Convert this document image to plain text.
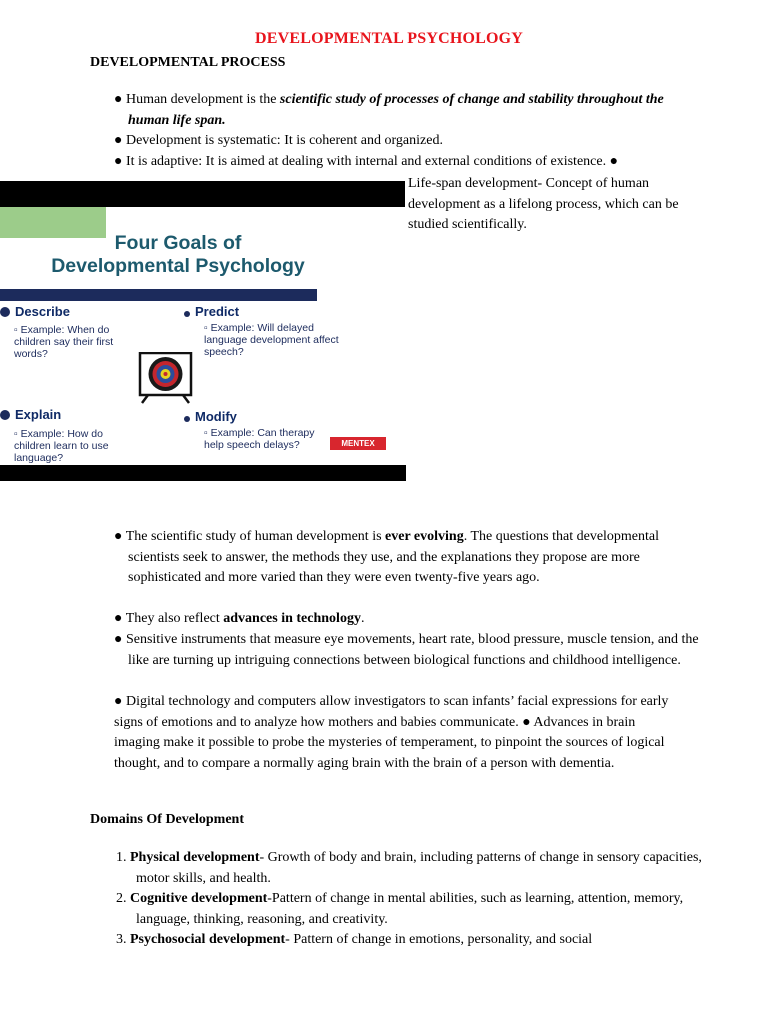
DEVELOPMENTAL PSYCHOLOGY
DEVELOPMENTAL PROCESS
● Human development is the scientific study of processes of change and stability throughout the human life span.
● Development is systematic: It is coherent and organized.
● It is adaptive: It is aimed at dealing with internal and external conditions of existence. ●
Four Goals of
Developmental Psychology
Describe
▫ Example: When do children say their first words?
Predict
▫ Example: Will delayed language development affect speech?
Explain
▫ Example: How do children learn to use language?
Modify
▫ Example: Can therapy help speech delays?	MENTEX
Life-span development- Concept of human development as a lifelong process, which can be studied scientifically.
● The scientific study of human development is ever evolving. The questions that developmental scientists seek to answer, the methods they use, and the explanations they propose are more sophisticated and more varied than they were even twenty-five years ago.
● They also reflect advances in technology.
● Sensitive instruments that measure eye movements, heart rate, blood pressure, muscle tension, and the like are turning up intriguing connections between biological functions and childhood intelligence.
● Digital technology and computers allow investigators to scan infants’ facial expressions for early signs of emotions and to analyze how mothers and babies communicate. ● Advances in brain imaging make it possible to probe the mysteries of temperament, to pinpoint the sources of logical thought, and to compare a normally aging brain with the brain of a person with dementia.
Domains Of Development
1. Physical development- Growth of body and brain, including patterns of change in sensory capacities, motor skills, and health.
2. Cognitive development-Pattern of change in mental abilities, such as learning, attention, memory, language, thinking, reasoning, and creativity.
3. Psychosocial development- Pattern of change in emotions, personality, and social
